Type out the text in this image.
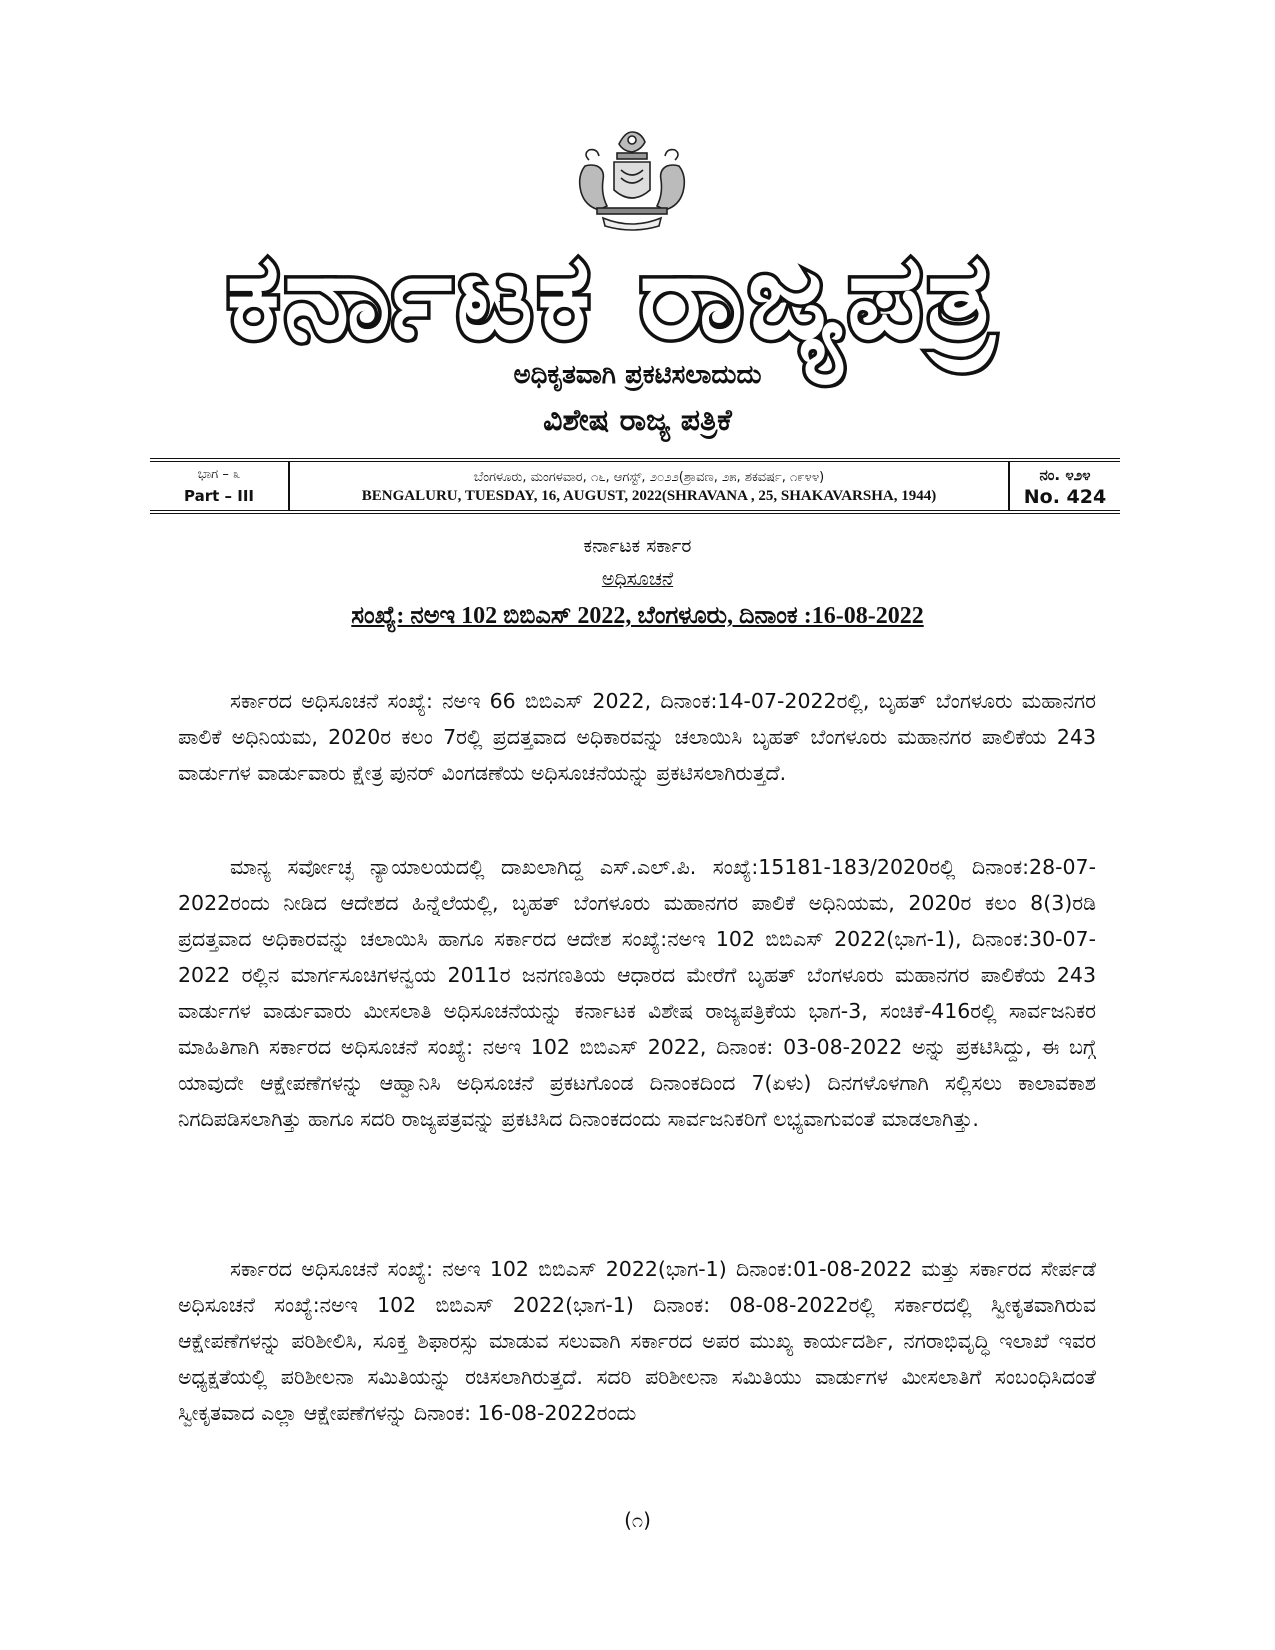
ಕರ್ನಾಟಕ ರಾಜ್ಯಪತ್ರ
ಅಧಿಕೃತವಾಗಿ ಪ್ರಕಟಿಸಲಾದುದು
ವಿಶೇಷ ರಾಜ್ಯ ಪತ್ರಿಕೆ
ಭಾಗ – ೩
Part – III
ಬೆಂಗಳೂರು, ಮಂಗಳವಾರ, ೧೬, ಆಗಸ್ಟ್, ೨೦೨೨(ಶ್ರಾವಣ, ೨೫, ಶಕವರ್ಷ, ೧೯೪೪)
BENGALURU, TUESDAY, 16, AUGUST, 2022(SHRAVANA , 25, SHAKAVARSHA, 1944)
ನಂ. ೪೨೪
No. 424
ಕರ್ನಾಟಕ ಸರ್ಕಾರ
ಅಧಿಸೂಚನೆ
ಸಂಖ್ಯೆ: ನಅಇ 102 ಬಿಬಿಎಸ್ 2022, ಬೆಂಗಳೂರು, ದಿನಾಂಕ :16-08-2022

ಸರ್ಕಾರದ ಅಧಿಸೂಚನೆ ಸಂಖ್ಯೆ: ನಅಇ 66 ಬಿಬಿಎಸ್ 2022, ದಿನಾಂಕ:14-07-2022ರಲ್ಲಿ, ಬೃಹತ್ ಬೆಂಗಳೂರು ಮಹಾನಗರ ಪಾಲಿಕೆ ಅಧಿನಿಯಮ, 2020ರ ಕಲಂ 7ರಲ್ಲಿ ಪ್ರದತ್ತವಾದ ಅಧಿಕಾರವನ್ನು ಚಲಾಯಿಸಿ ಬೃಹತ್ ಬೆಂಗಳೂರು ಮಹಾನಗರ ಪಾಲಿಕೆಯ 243 ವಾರ್ಡುಗಳ ವಾರ್ಡುವಾರು ಕ್ಷೇತ್ರ ಪುನರ್ ವಿಂಗಡಣೆಯ ಅಧಿಸೂಚನೆಯನ್ನು ಪ್ರಕಟಿಸಲಾಗಿರುತ್ತದೆ.

ಮಾನ್ಯ ಸರ್ವೋಚ್ಛ ನ್ಯಾಯಾಲಯದಲ್ಲಿ ದಾಖಲಾಗಿದ್ದ ಎಸ್.ಎಲ್.ಪಿ. ಸಂಖ್ಯೆ:15181-183/2020ರಲ್ಲಿ ದಿನಾಂಕ:28-07-2022ರಂದು ನೀಡಿದ ಆದೇಶದ ಹಿನ್ನೆಲೆಯಲ್ಲಿ, ಬೃಹತ್ ಬೆಂಗಳೂರು ಮಹಾನಗರ ಪಾಲಿಕೆ ಅಧಿನಿಯಮ, 2020ರ ಕಲಂ 8(3)ರಡಿ ಪ್ರದತ್ತವಾದ ಅಧಿಕಾರವನ್ನು ಚಲಾಯಿಸಿ ಹಾಗೂ ಸರ್ಕಾರದ ಆದೇಶ ಸಂಖ್ಯೆ:ನಅಇ 102 ಬಿಬಿಎಸ್ 2022(ಭಾಗ-1), ದಿನಾಂಕ:30-07-2022 ರಲ್ಲಿನ ಮಾರ್ಗಸೂಚಿಗಳನ್ವಯ 2011ರ ಜನಗಣತಿಯ ಆಧಾರದ ಮೇರೆಗೆ ಬೃಹತ್ ಬೆಂಗಳೂರು ಮಹಾನಗರ ಪಾಲಿಕೆಯ 243 ವಾರ್ಡುಗಳ ವಾರ್ಡುವಾರು ಮೀಸಲಾತಿ ಅಧಿಸೂಚನೆಯನ್ನು ಕರ್ನಾಟಕ ವಿಶೇಷ ರಾಜ್ಯಪತ್ರಿಕೆಯ ಭಾಗ-3, ಸಂಚಿಕೆ-416ರಲ್ಲಿ ಸಾರ್ವಜನಿಕರ ಮಾಹಿತಿಗಾಗಿ ಸರ್ಕಾರದ ಅಧಿಸೂಚನೆ ಸಂಖ್ಯೆ: ನಅಇ 102 ಬಿಬಿಎಸ್ 2022, ದಿನಾಂಕ: 03-08-2022 ಅನ್ನು ಪ್ರಕಟಿಸಿದ್ದು, ಈ ಬಗ್ಗೆ ಯಾವುದೇ ಆಕ್ಷೇಪಣೆಗಳನ್ನು ಆಹ್ವಾನಿಸಿ ಅಧಿಸೂಚನೆ ಪ್ರಕಟಗೊಂಡ ದಿನಾಂಕದಿಂದ 7(ಏಳು) ದಿನಗಳೊಳಗಾಗಿ ಸಲ್ಲಿಸಲು ಕಾಲಾವಕಾಶ ನಿಗದಿಪಡಿಸಲಾಗಿತ್ತು ಹಾಗೂ ಸದರಿ ರಾಜ್ಯಪತ್ರವನ್ನು ಪ್ರಕಟಿಸಿದ ದಿನಾಂಕದಂದು ಸಾರ್ವಜನಿಕರಿಗೆ ಲಭ್ಯವಾಗುವಂತೆ ಮಾಡಲಾಗಿತ್ತು.

ಸರ್ಕಾರದ ಅಧಿಸೂಚನೆ ಸಂಖ್ಯೆ: ನಅಇ 102 ಬಿಬಿಎಸ್ 2022(ಭಾಗ-1) ದಿನಾಂಕ:01-08-2022 ಮತ್ತು ಸರ್ಕಾರದ ಸೇರ್ಪಡೆ ಅಧಿಸೂಚನೆ ಸಂಖ್ಯೆ:ನಅಇ 102 ಬಿಬಿಎಸ್ 2022(ಭಾಗ-1) ದಿನಾಂಕ: 08-08-2022ರಲ್ಲಿ ಸರ್ಕಾರದಲ್ಲಿ ಸ್ವೀಕೃತವಾಗಿರುವ ಆಕ್ಷೇಪಣೆಗಳನ್ನು ಪರಿಶೀಲಿಸಿ, ಸೂಕ್ತ ಶಿಫಾರಸ್ಸು ಮಾಡುವ ಸಲುವಾಗಿ ಸರ್ಕಾರದ ಅಪರ ಮುಖ್ಯ ಕಾರ್ಯದರ್ಶಿ, ನಗರಾಭಿವೃದ್ಧಿ ಇಲಾಖೆ ಇವರ ಅಧ್ಯಕ್ಷತೆಯಲ್ಲಿ ಪರಿಶೀಲನಾ ಸಮಿತಿಯನ್ನು ರಚಿಸಲಾಗಿರುತ್ತದೆ. ಸದರಿ ಪರಿಶೀಲನಾ ಸಮಿತಿಯು ವಾರ್ಡುಗಳ ಮೀಸಲಾತಿಗೆ ಸಂಬಂಧಿಸಿದಂತೆ ಸ್ವೀಕೃತವಾದ ಎಲ್ಲಾ ಆಕ್ಷೇಪಣೆಗಳನ್ನು ದಿನಾಂಕ: 16-08-2022ರಂದು

(೧)
